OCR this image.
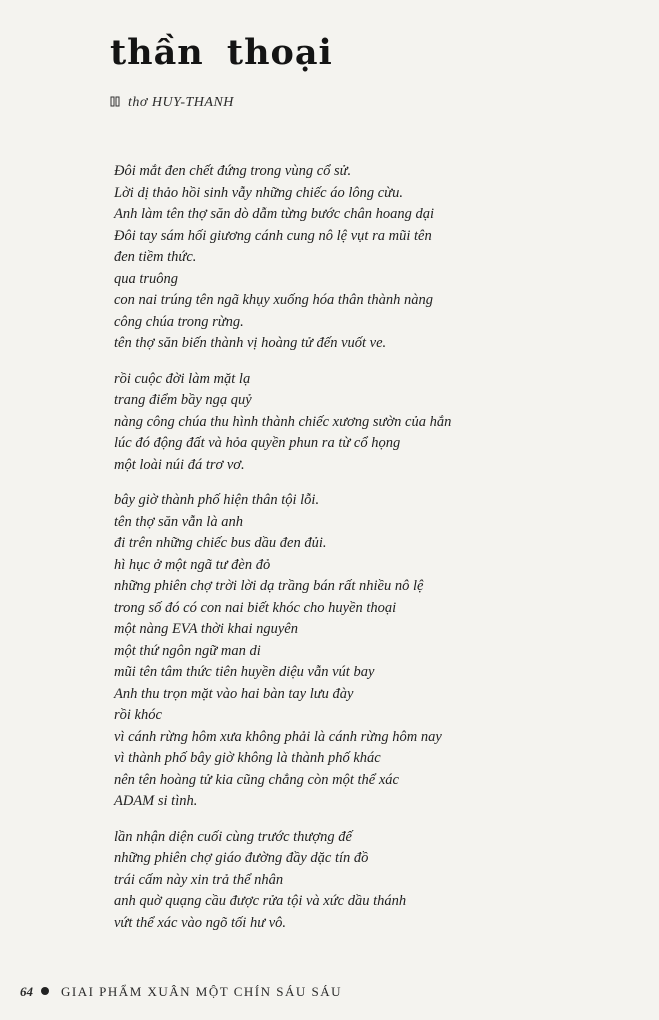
thần thoại
thơ HUY-THANH
Đôi mắt đen chết đứng trong vùng cổ sử.
Lời dị thảo hồi sinh vẫy những chiếc áo lông cừu.
Anh làm tên thợ săn dò dẫm từng bước chân hoang dại
Đôi tay sám hối giương cánh cung nô lệ vụt ra mũi tên
đen tiềm thức.
qua truông
con nai trúng tên ngã khụy xuống hóa thân thành nàng
công chúa trong rừng.
tên thợ săn biến thành vị hoàng tử đến vuốt ve.
rồi cuộc đời làm mặt lạ
trang điểm bầy ngạ quỷ
nàng công chúa thu hình thành chiếc xương sườn của hắn
lúc đó động đất và hỏa quyền phun ra từ cổ họng
một loài núi đá trơ vơ.
bây giờ thành phố hiện thân tội lỗi.
tên thợ săn vẫn là anh
đi trên những chiếc bus dầu đen đủi.
hì hục ở một ngã tư đèn đỏ
những phiên chợ trời lời dạ trầng bán rất nhiều nô lệ
trong số đó có con nai biết khóc cho huyền thoại
một nàng EVA thời khai nguyên
một thứ ngôn ngữ man di
mũi tên tâm thức tiên huyền diệu vẫn vút bay
Anh thu trọn mặt vào hai bàn tay lưu đày
rồi khóc
vì cánh rừng hôm xưa không phải là cánh rừng hôm nay
vì thành phố bây giờ không là thành phố khác
nên tên hoàng tử kia cũng chẳng còn một thể xác
ADAM si tình.
lần nhận diện cuối cùng trước thượng đế
những phiên chợ giáo đường đầy dặc tín đồ
trái cấm này xin trả thể nhân
anh quờ quạng cầu được rửa tội và xức dầu thánh
vứt thể xác vào ngõ tối hư vô.
64 GIAI PHẨM XUÂN MỘT CHÍN SÁU SÁU
